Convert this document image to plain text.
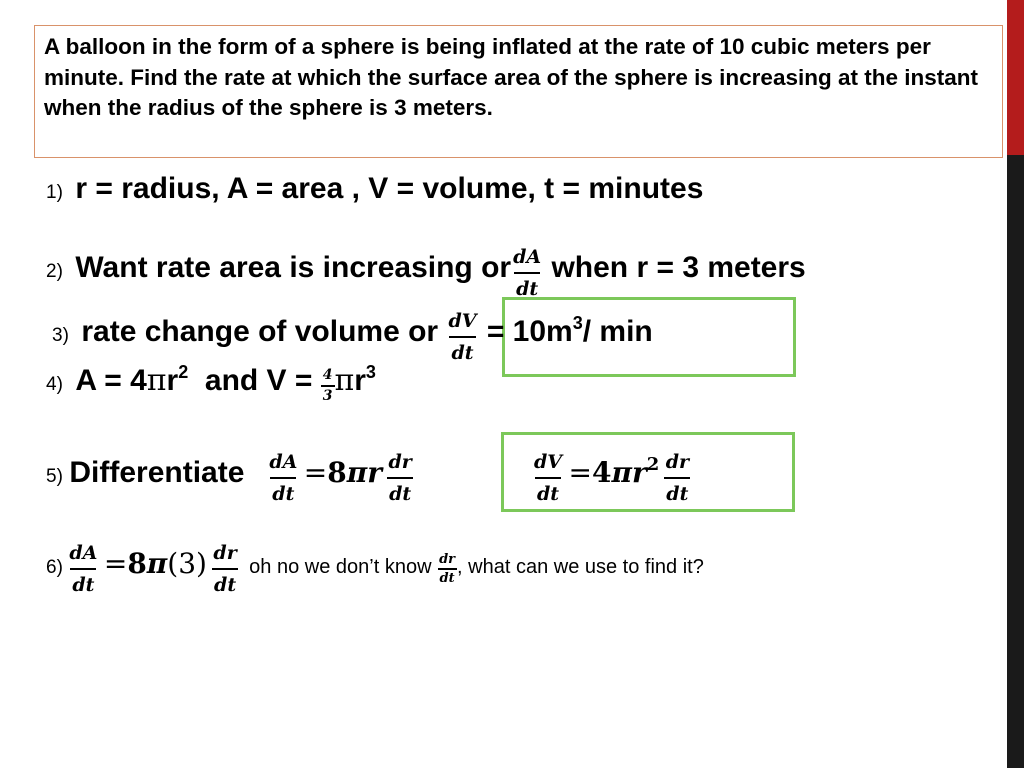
A balloon in the form of a sphere is being inflated at the rate of 10 cubic meters per minute. Find the rate at which the surface area of the sphere is increasing at the instant when the radius of the sphere is 3 meters.
1) r = radius, A = area , V = volume, t = minutes
2) Want rate area is increasing or $\frac{dA}{dt}$ when r = 3 meters
3) rate change of volume or $\frac{dV}{dt} = 10m^3/$ min
4) $A = 4\pi r^2$  and $V = \frac{4}{3} \pi r^3$
5) Differentiate $\frac{dA}{dt} =8\pi r \frac{dr}{dt}$	$\frac{dV}{dt} =4\pi r^2 \frac{dr}{dt}$
$6) \frac{dA}{dt} =8\pi(3) \frac{dr}{dt}$ oh no we don’t know $\frac{dr}{dt}$ , what can we use to find it?
